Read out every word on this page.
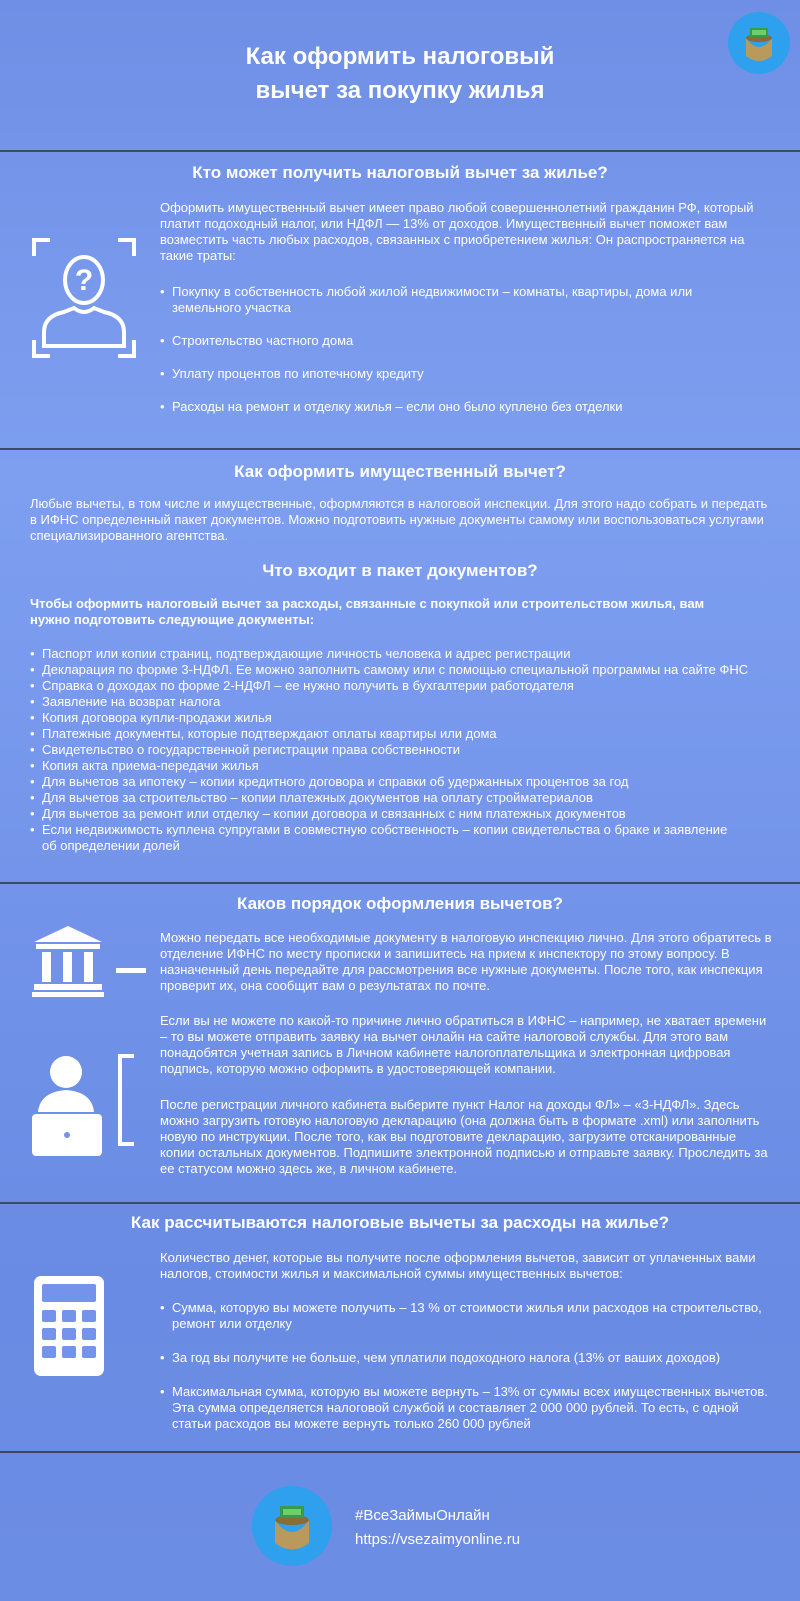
Как оформить налоговый
вычет за покупку жилья
Кто может получить налоговый вычет за жилье?
?
Оформить имущественный вычет имеет право любой совершеннолетний гражданин РФ, который платит подоходный налог, или НДФЛ — 13% от доходов. Имущественный вычет поможет вам возместить часть любых расходов, связанных с приобретением жилья: Он распространяется на такие траты:
• Покупку в собственность любой жилой недвижимости – комнаты, квартиры, дома или земельного участка
• Строительство частного дома
• Уплату процентов по ипотечному кредиту
• Расходы на ремонт и отделку жилья – если оно было куплено без отделки
Как оформить имущественный вычет?
Любые вычеты, в том числе и имущественные, оформляются в налоговой инспекции. Для этого надо собрать и передать в ИФНС определенный пакет документов. Можно подготовить нужные документы самому или воспользоваться услугами специализированного агентства.
Что входит в пакет документов?
Чтобы оформить налоговый вычет за расходы, связанные с покупкой или строительством жилья, вам нужно подготовить следующие документы:
• Паспорт или копии страниц, подтверждающие личность человека и адрес регистрации
• Декларация по форме 3-НДФЛ. Ее можно заполнить самому или с помощью специальной программы на сайте ФНС
• Справка о доходах по форме 2-НДФЛ – ее нужно получить в бухгалтерии работодателя
• Заявление на возврат налога
• Копия договора купли-продажи жилья
• Платежные документы, которые подтверждают оплаты квартиры или дома
• Свидетельство о государственной регистрации права собственности
• Копия акта приема-передачи жилья
• Для вычетов за ипотеку – копии кредитного договора и справки об удержанных процентов за год
• Для вычетов за строительство – копии платежных документов на оплату стройматериалов
• Для вычетов за ремонт или отделку – копии договора и связанных с ним платежных документов
• Если недвижимость куплена супругами в совместную собственность – копии свидетельства о браке и заявление об определении долей
Каков порядок оформления вычетов?
Можно передать все необходимые документу в налоговую инспекцию лично. Для этого обратитесь в отделение ИФНС по месту прописки и запишитесь на прием к инспектору по этому вопросу. В назначенный день передайте для рассмотрения все нужные документы. После того, как инспекция проверит их, она сообщит вам о результатах по почте.
Если вы не можете по какой-то причине лично обратиться в ИФНС – например, не хватает времени – то вы можете отправить заявку на вычет онлайн на сайте налоговой службы. Для этого вам понадобятся учетная запись в Личном кабинете налогоплательщика и электронная цифровая подпись, которую можно оформить в удостоверяющей компании.
После регистрации личного кабинета выберите пункт Налог на доходы ФЛ» – «3-НДФЛ». Здесь можно загрузить готовую налоговую декларацию (она должна быть в формате .xml) или заполнить новую по инструкции. После того, как вы подготовите декларацию, загрузите отсканированные копии остальных документов. Подпишите электронной подписью и отправьте заявку. Проследить за ее статусом можно здесь же, в личном кабинете.
Как рассчитываются налоговые вычеты за расходы на жилье?
Количество денег, которые вы получите после оформления вычетов, зависит от уплаченных вами налогов, стоимости жилья и максимальной суммы имущественных вычетов:
• Сумма, которую вы можете получить – 13 % от стоимости жилья или расходов на строительство, ремонт или отделку
• За год вы получите не больше, чем уплатили подоходного налога (13% от ваших доходов)
• Максимальная сумма, которую вы можете вернуть – 13% от суммы всех имущественных вычетов. Эта сумма определяется налоговой службой и составляет 2 000 000 рублей. То есть, с одной статьи расходов вы можете вернуть только 260 000 рублей
#ВсеЗаймыОнлайн
https://vsezaimyonline.ru
